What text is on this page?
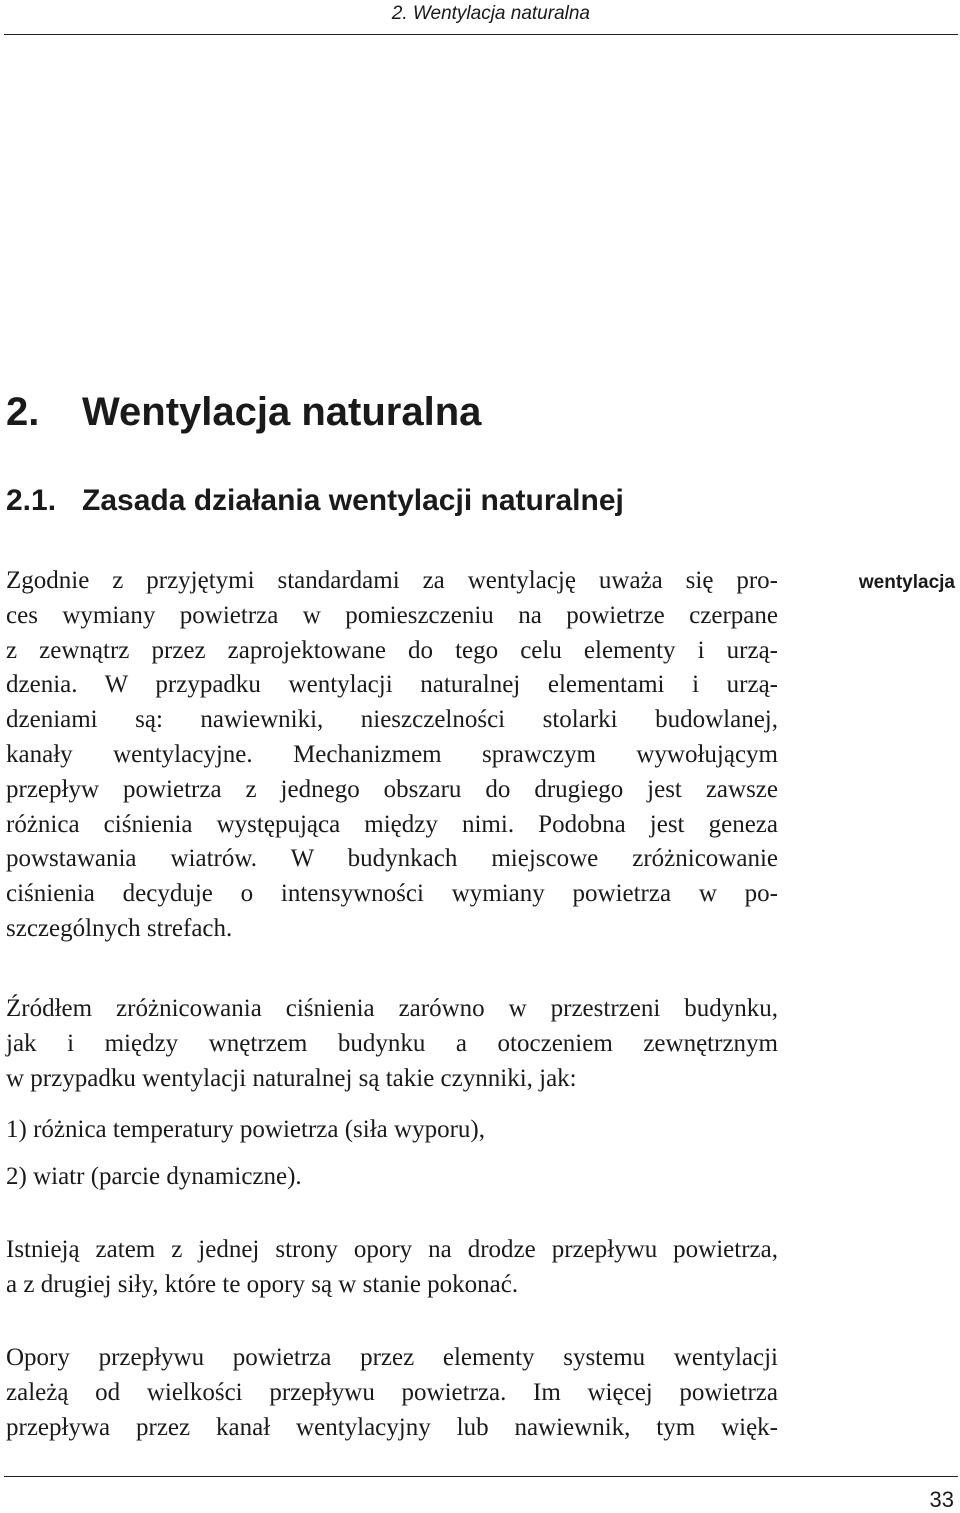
2. Wentylacja naturalna
2. Wentylacja naturalna
2.1. Zasada działania wentylacji naturalnej
wentylacja

Zgodnie z przyjętymi standardami za wentylację uważa się pro-
ces wymiany powietrza w pomieszczeniu na powietrze czerpane
z zewnątrz przez zaprojektowane do tego celu elementy i urzą-
dzenia. W przypadku wentylacji naturalnej elementami i urzą-
dzeniami są: nawiewniki, nieszczelności stolarki budowlanej,
kanały wentylacyjne. Mechanizmem sprawczym wywołującym
przepływ powietrza z jednego obszaru do drugiego jest zawsze
różnica ciśnienia występująca między nimi. Podobna jest geneza
powstawania wiatrów. W budynkach miejscowe zróżnicowanie
ciśnienia decyduje o intensywności wymiany powietrza w po-
szczególnych strefach.

Źródłem zróżnicowania ciśnienia zarówno w przestrzeni budynku,
jak i między wnętrzem budynku a otoczeniem zewnętrznym
w przypadku wentylacji naturalnej są takie czynniki, jak:

1) różnica temperatury powietrza (siła wyporu),

2) wiatr (parcie dynamiczne).

Istnieją zatem z jednej strony opory na drodze przepływu powietrza,
a z drugiej siły, które te opory są w stanie pokonać.

Opory przepływu powietrza przez elementy systemu wentylacji
zależą od wielkości przepływu powietrza. Im więcej powietrza
przepływa przez kanał wentylacyjny lub nawiewnik, tym więk-

33
